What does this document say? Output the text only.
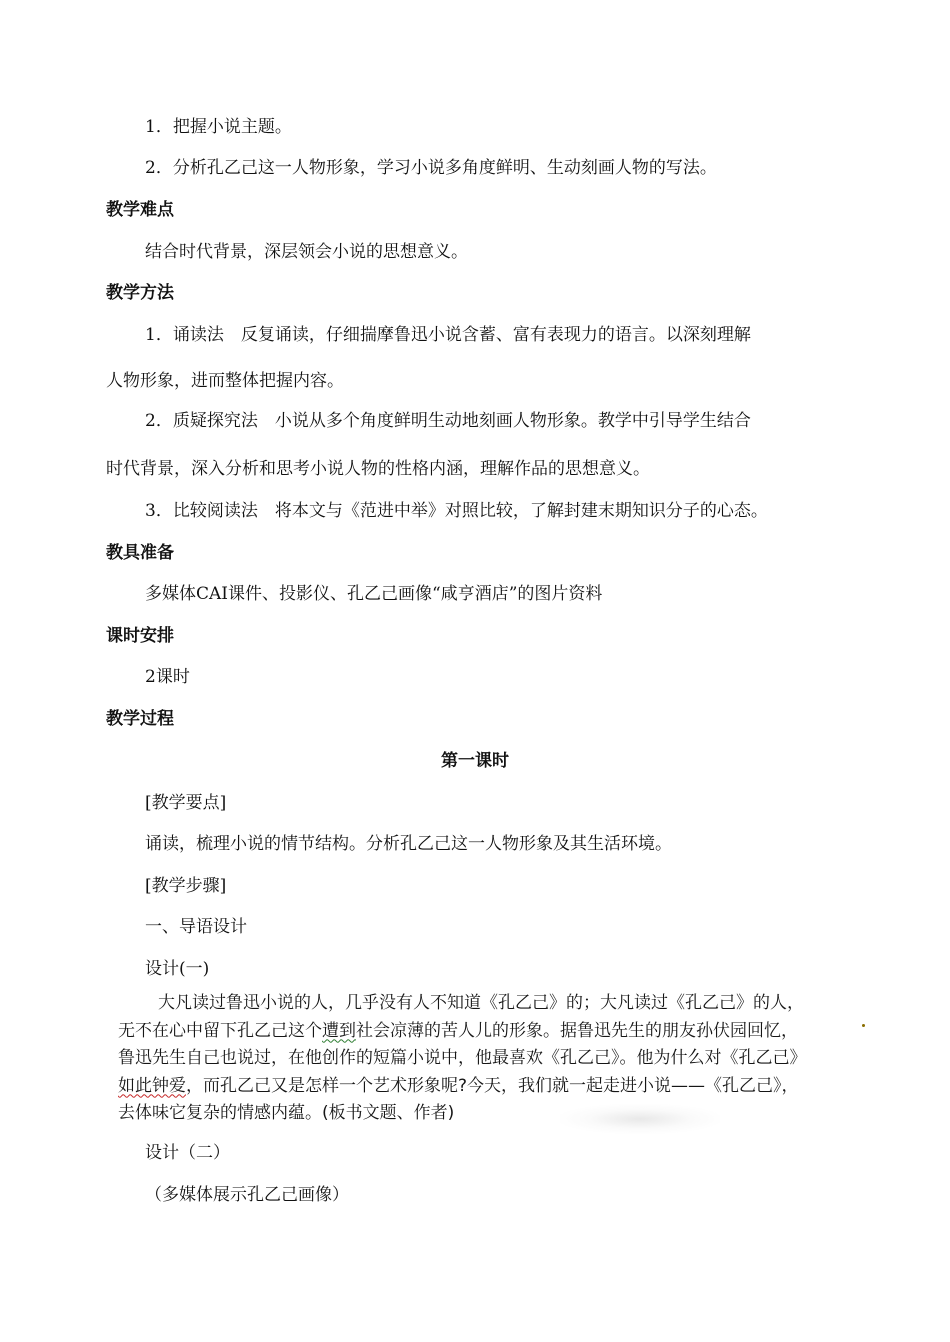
1．把握小说主题。
2．分析孔乙己这一人物形象，学习小说多角度鲜明、生动刻画人物的写法。
教学难点
结合时代背景，深层领会小说的思想意义。
教学方法
1．诵读法　反复诵读，仔细揣摩鲁迅小说含蓄、富有表现力的语言。以深刻理解
人物形象，进而整体把握内容。
2．质疑探究法　小说从多个角度鲜明生动地刻画人物形象。教学中引导学生结合
时代背景，深入分析和思考小说人物的性格内涵，理解作品的思想意义。
3．比较阅读法　将本文与《范进中举》对照比较，了解封建末期知识分子的心态。
教具准备
多媒体CAI课件、投影仪、孔乙己画像“咸亨酒店”的图片资料
课时安排
2课时
教学过程
第一课时
[教学要点]
诵读，梳理小说的情节结构。分析孔乙己这一人物形象及其生活环境。
[教学步骤]
一、导语设计
设计(一)
大凡读过鲁迅小说的人，几乎没有人不知道《孔乙己》的；大凡读过《孔乙己》的人，
无不在心中留下孔乙己这个遭到社会凉薄的苦人儿的形象。据鲁迅先生的朋友孙伏园回忆，
鲁迅先生自己也说过，在他创作的短篇小说中，他最喜欢《孔乙己》。他为什么对《孔乙己》
如此钟爱，而孔乙己又是怎样一个艺术形象呢?今天，我们就一起走进小说——《孔乙己》，
去体味它复杂的情感内蕴。(板书文题、作者)
设计（二）
（多媒体展示孔乙己画像）
